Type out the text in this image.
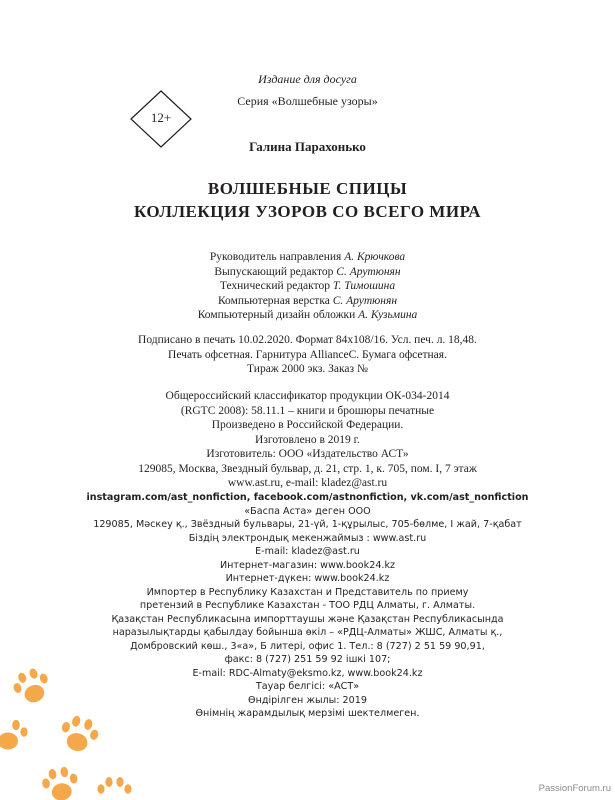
Издание для досуга
Серия «Волшебные узоры»
12+
Галина Парахонько
ВОЛШЕБНЫЕ СПИЦЫ
КОЛЛЕКЦИЯ УЗОРОВ СО ВСЕГО МИРА
Руководитель направления А. Крючкова
Выпускающий редактор С. Арутюнян
Технический редактор Т. Тимошина
Компьютерная верстка С. Арутюнян
Компьютерный дизайн обложки А. Кузьмина
Подписано в печать 10.02.2020. Формат 84x108/16. Усл. печ. л. 18,48.
Печать офсетная. Гарнитура AllianceC. Бумага офсетная.
Тираж 2000 экз. Заказ №
Общероссийский классификатор продукции ОК-034-2014
(RGTC 2008): 58.11.1 – книги и брошюры печатные
Произведено в Российской Федерации.
Изготовлено в 2019 г.
Изготовитель: ООО «Издательство АСТ»
129085, Москва, Звездный бульвар, д. 21, стр. 1, к. 705, пом. I, 7 этаж
www.ast.ru, e-mail: kladez@ast.ru
instagram.com/ast_nonfiction, facebook.com/astnonfiction, vk.com/ast_nonfiction
«Баспа Аста» деген ООО
129085, Мәскеу қ., Звёздный бульвары, 21-үй, 1-құрылыс, 705-бөлме, I жай, 7-қабат
Біздің электрондық мекенжаймыз : www.ast.ru
E-mail: kladez@ast.ru
Интернет-магазин: www.book24.kz
Интернет-дүкен: www.book24.kz
Импортер в Республику Казахстан и Представитель по приему
претензий в Республике Казахстан - ТОО РДЦ Алматы, г. Алматы.
Қазақстан Республикасына импорттаушы және Қазақстан Республикасында
наразылықтарды қабылдау бойынша өкіл – «РДЦ-Алматы» ЖШС, Алматы қ.,
Домбровский көш., 3«а», Б литері, офис 1. Тел.: 8 (727) 2 51 59 90,91,
факс: 8 (727) 251 59 92 ішкі 107;
E-mail: RDC-Almaty@eksmo.kz, www.book24.kz
Тауар белгісі: «АСТ»
Өндірілген жылы: 2019
Өнімнің жарамдылық мерзімі шектелмеген.
PassionForum.ru
